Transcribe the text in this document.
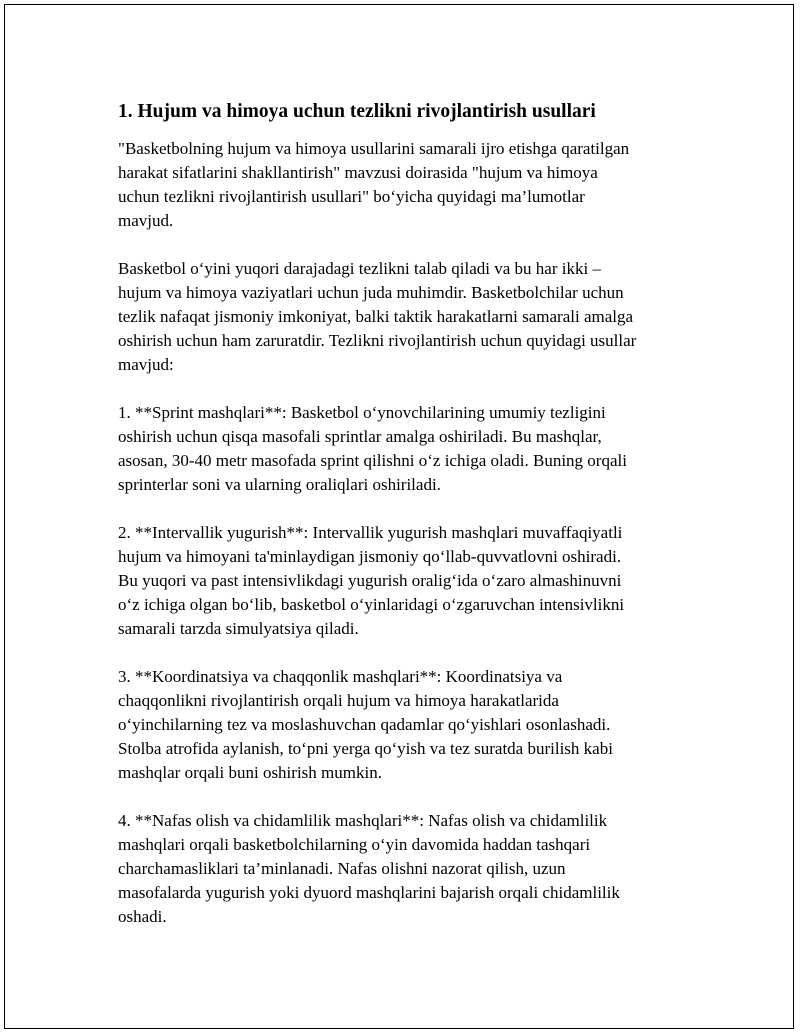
1. Hujum va himoya uchun tezlikni rivojlantirish usullari

"Basketbolning hujum va himoya usullarini samarali ijro etishga qaratilgan
harakat sifatlarini shakllantirish" mavzusi doirasida "hujum va himoya
uchun tezlikni rivojlantirish usullari" bo‘yicha quyidagi ma’lumotlar
mavjud.

Basketbol o‘yini yuqori darajadagi tezlikni talab qiladi va bu har ikki –
hujum va himoya vaziyatlari uchun juda muhimdir. Basketbolchilar uchun
tezlik nafaqat jismoniy imkoniyat, balki taktik harakatlarni samarali amalga
oshirish uchun ham zaruratdir. Tezlikni rivojlantirish uchun quyidagi usullar
mavjud:

1. **Sprint mashqlari**: Basketbol o‘ynovchilarining umumiy tezligini
oshirish uchun qisqa masofali sprintlar amalga oshiriladi. Bu mashqlar,
asosan, 30-40 metr masofada sprint qilishni o‘z ichiga oladi. Buning orqali
sprinterlar soni va ularning oraliqlari oshiriladi.

2. **Intervallik yugurish**: Intervallik yugurish mashqlari muvaffaqiyatli
hujum va himoyani ta'minlaydigan jismoniy qo‘llab-quvvatlovni oshiradi.
Bu yuqori va past intensivlikdagi yugurish oralig‘ida o‘zaro almashinuvni
o‘z ichiga olgan bo‘lib, basketbol o‘yinlaridagi o‘zgaruvchan intensivlikni
samarali tarzda simulyatsiya qiladi.

3. **Koordinatsiya va chaqqonlik mashqlari**: Koordinatsiya va
chaqqonlikni rivojlantirish orqali hujum va himoya harakatlarida
o‘yinchilarning tez va moslashuvchan qadamlar qo‘yishlari osonlashadi.
Stolba atrofida aylanish, to‘pni yerga qo‘yish va tez suratda burilish kabi
mashqlar orqali buni oshirish mumkin.

4. **Nafas olish va chidamlilik mashqlari**: Nafas olish va chidamlilik
mashqlari orqali basketbolchilarning o‘yin davomida haddan tashqari
charchamasliklari ta’minlanadi. Nafas olishni nazorat qilish, uzun
masofalarda yugurish yoki dyuord mashqlarini bajarish orqali chidamlilik
oshadi.
